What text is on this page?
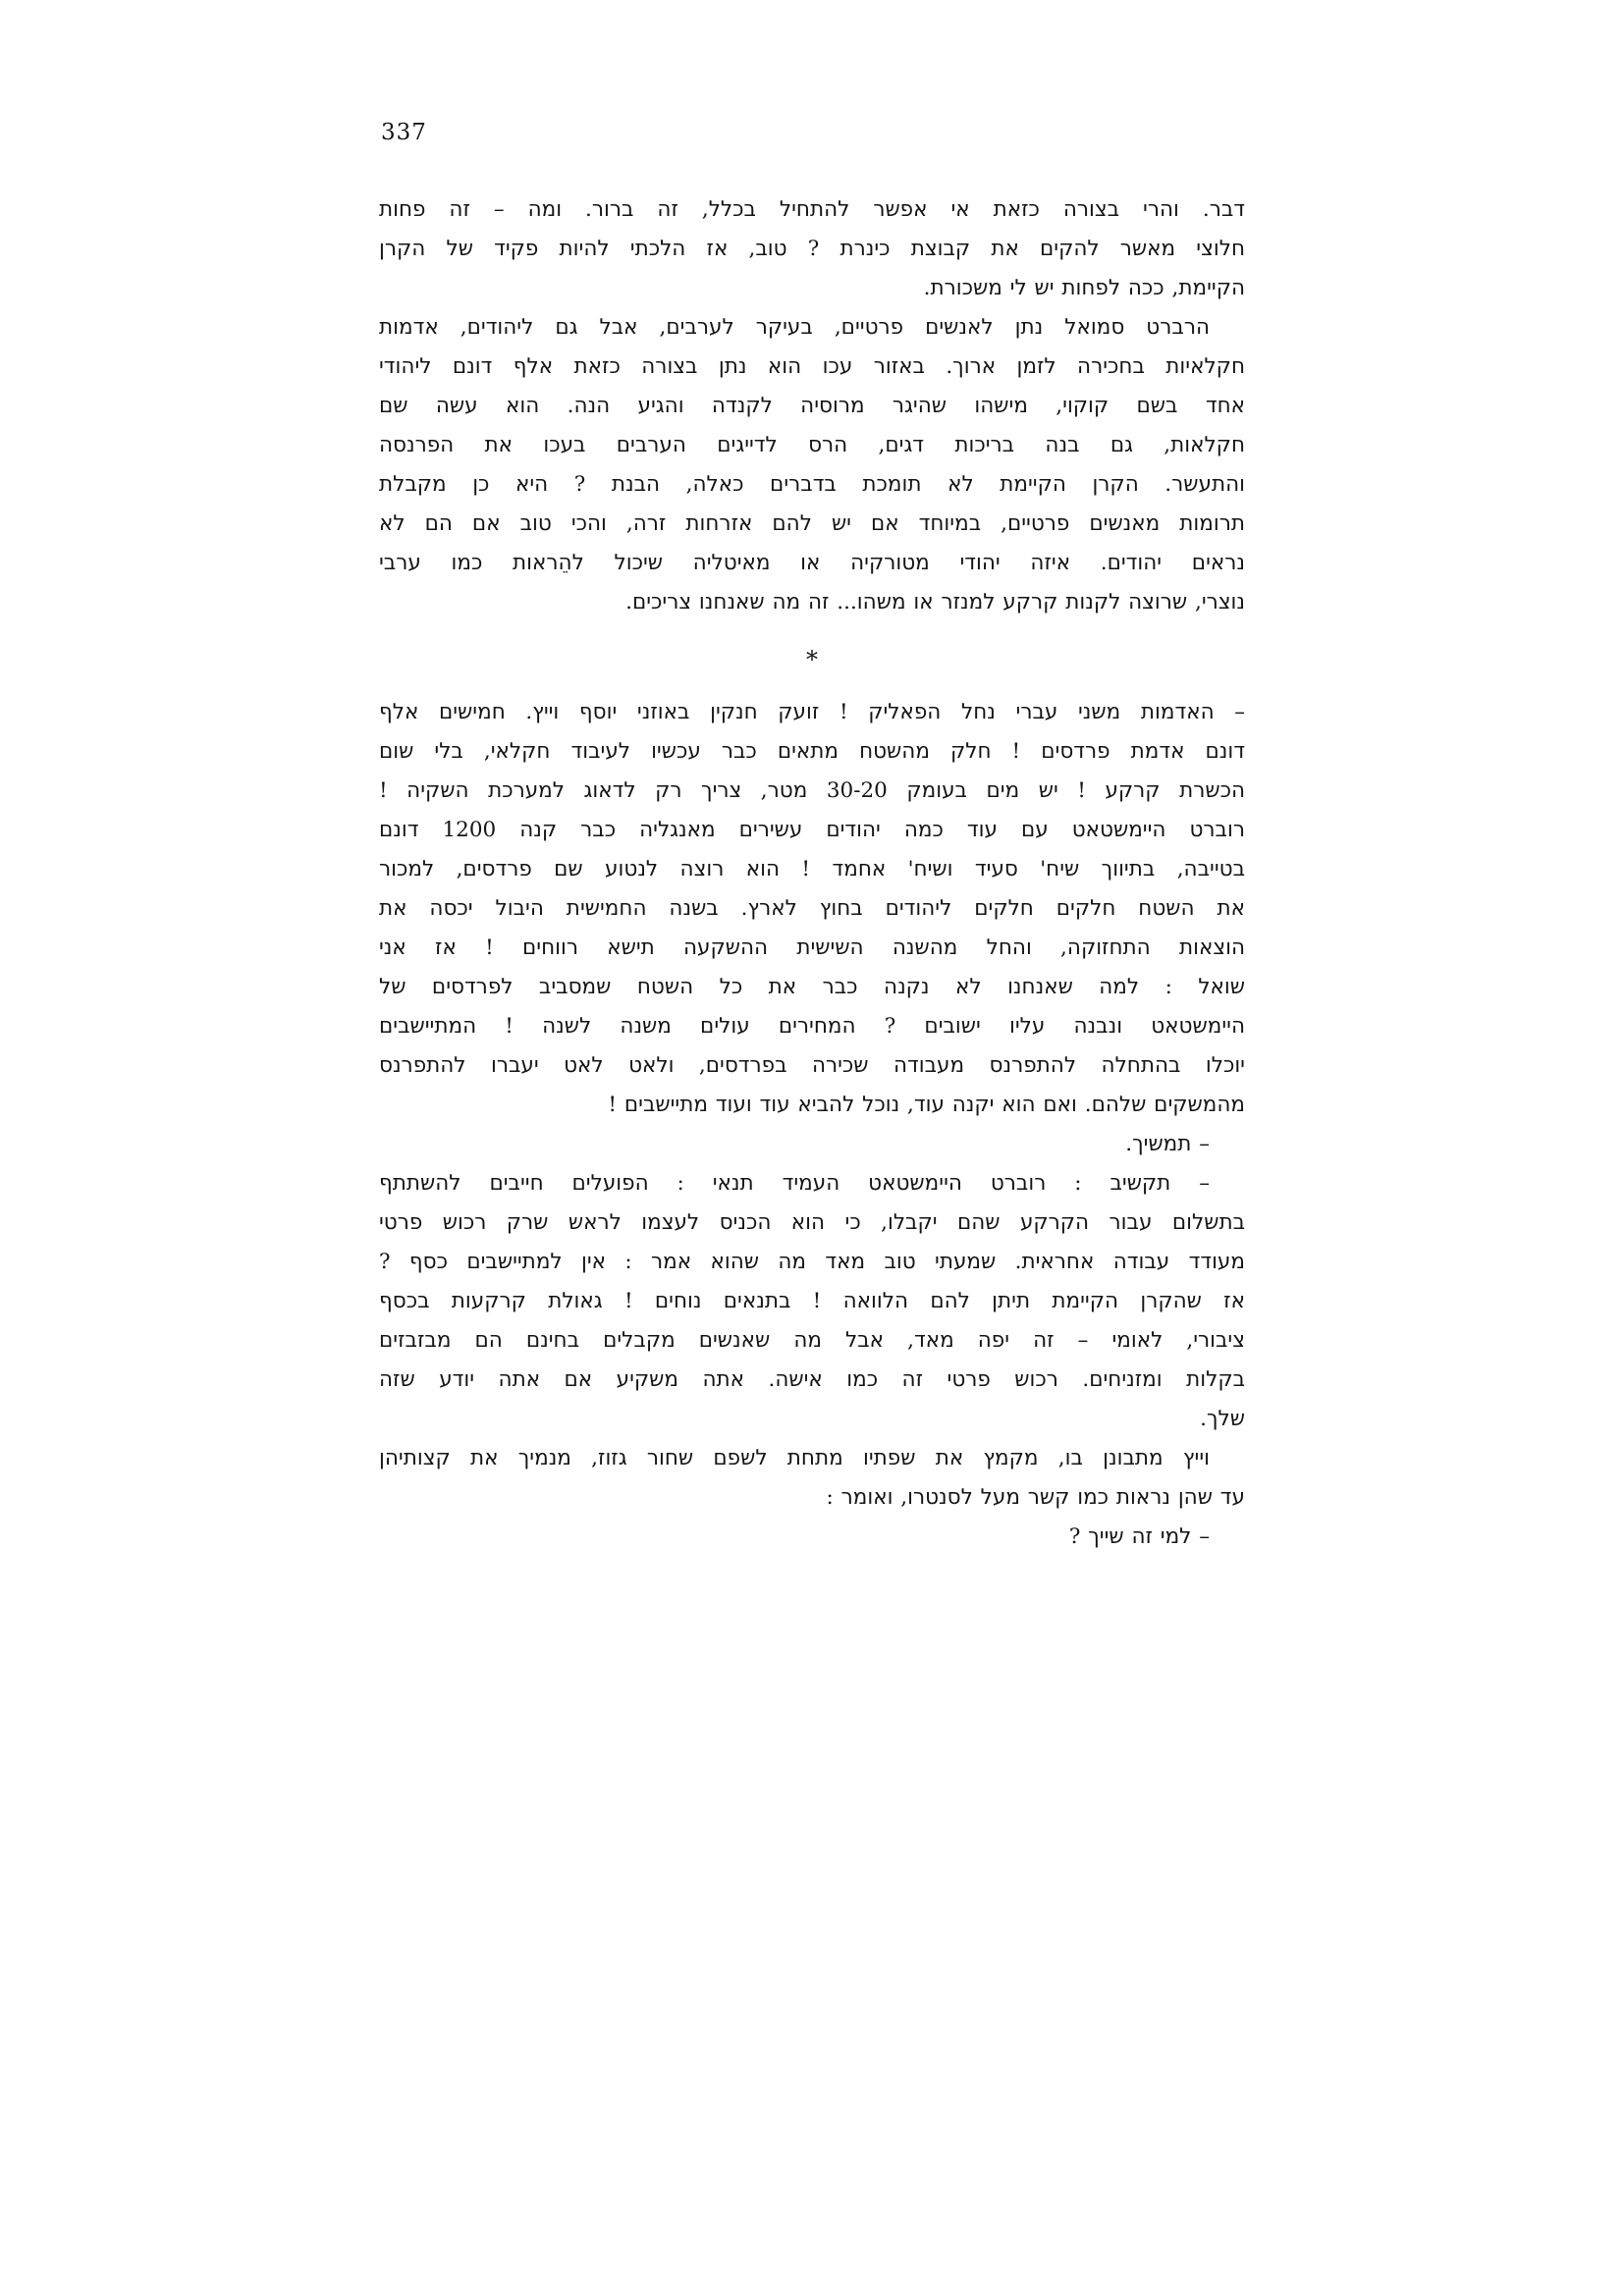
337
דבר. והרי בצורה כזאת אי אפשר להתחיל בכלל, זה ברור. ומה – זה פחות
חלוצי מאשר להקים את קבוצת כינרת ? טוב, אז הלכתי להיות פקיד של הקרן
הקיימת, ככה לפחות יש לי משכורת.
הרברט סמואל נתן לאנשים פרטיים, בעיקר לערבים, אבל גם ליהודים, אדמות
חקלאיות בחכירה לזמן ארוך. באזור עכו הוא נתן בצורה כזאת אלף דונם ליהודי
אחד בשם קוקוי, מישהו שהיגר מרוסיה לקנדה והגיע הנה. הוא עשה שם
חקלאות, גם בנה בריכות דגים, הרס לדייגים הערבים בעכו את הפרנסה
והתעשר. הקרן הקיימת לא תומכת בדברים כאלה, הבנת ? היא כן מקבלת
תרומות מאנשים פרטיים, במיוחד אם יש להם אזרחות זרה, והכי טוב אם הם לא
נראים יהודים. איזה יהודי מטורקיה או מאיטליה שיכול להֵראות כמו ערבי
נוצרי, שרוצה לקנות קרקע למנזר או משהו... זה מה שאנחנו צריכים.
*
– האדמות משני עברי נחל הפאליק ! זועק חנקין באוזני יוסף וייץ. חמישים אלף
דונם אדמת פרדסים ! חלק מהשטח מתאים כבר עכשיו לעיבוד חקלאי, בלי שום
הכשרת קרקע ! יש מים בעומק 30-20 מטר, צריך רק לדאוג למערכת השקיה !
רוברט היימשטאט עם עוד כמה יהודים עשירים מאנגליה כבר קנה 1200 דונם
בטייבה, בתיווך שיח' סעיד ושיח' אחמד ! הוא רוצה לנטוע שם פרדסים, למכור
את השטח חלקים חלקים ליהודים בחוץ לארץ. בשנה החמישית היבול יכסה את
הוצאות התחזוקה, והחל מהשנה השישית ההשקעה תישא רווחים ! אז אני
שואל : למה שאנחנו לא נקנה כבר את כל השטח שמסביב לפרדסים של
היימשטאט ונבנה עליו ישובים ? המחירים עולים משנה לשנה ! המתיישבים
יוכלו בהתחלה להתפרנס מעבודה שכירה בפרדסים, ולאט לאט יעברו להתפרנס
מהמשקים שלהם. ואם הוא יקנה עוד, נוכל להביא עוד ועוד מתיישבים !
– תמשיך.
– תקשיב : רוברט היימשטאט העמיד תנאי : הפועלים חייבים להשתתף
בתשלום עבור הקרקע שהם יקבלו, כי הוא הכניס לעצמו לראש שרק רכוש פרטי
מעודד עבודה אחראית. שמעתי טוב מאד מה שהוא אמר : אין למתיישבים כסף ?
אז שהקרן הקיימת תיתן להם הלוואה ! בתנאים נוחים ! גאולת קרקעות בכסף
ציבורי, לאומי – זה יפה מאד, אבל מה שאנשים מקבלים בחינם הם מבזבזים
בקלות ומזניחים. רכוש פרטי זה כמו אישה. אתה משקיע אם אתה יודע שזה
שלך.
וייץ מתבונן בו, מקמץ את שפתיו מתחת לשפם שחור גזוז, מנמיך את קצותיהן
עד שהן נראות כמו קשר מעל לסנטרו, ואומר :
– למי זה שייך ?
